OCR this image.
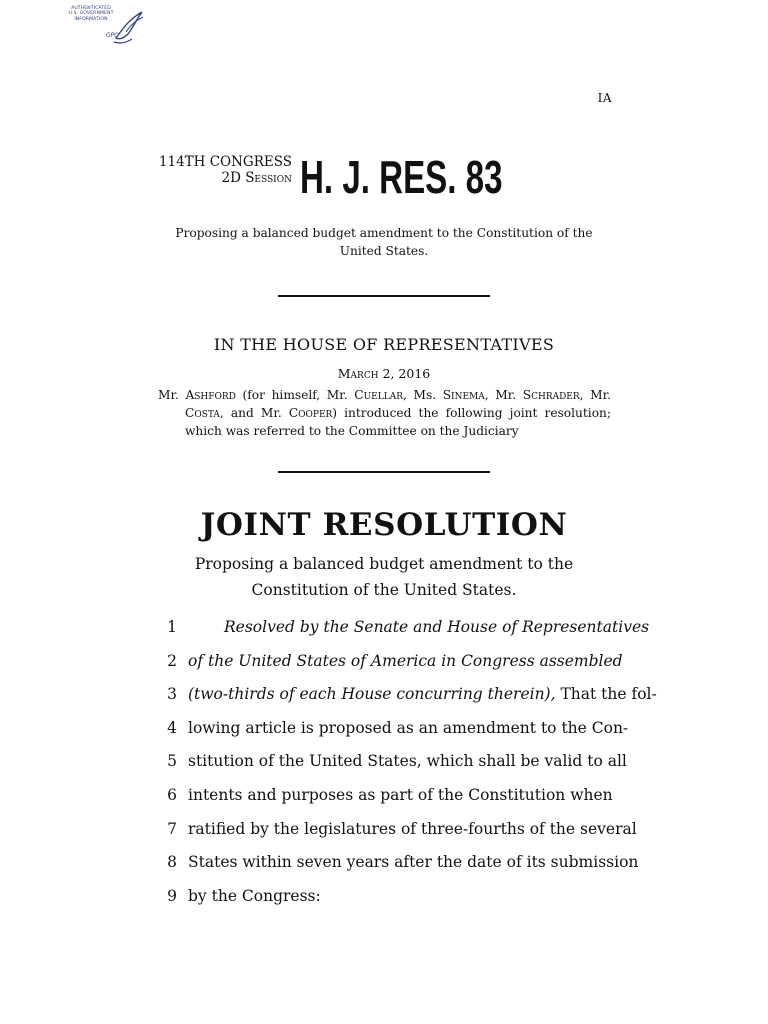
AUTHENTICATED
U.S. GOVERNMENT
INFORMATION
GPO
IA
114TH CONGRESS
2D Session H. J. RES. 83
Proposing a balanced budget amendment to the Constitution of the United States.
IN THE HOUSE OF REPRESENTATIVES
March 2, 2016
Mr. Ashford (for himself, Mr. Cuellar, Ms. Sinema, Mr. Schrader, Mr. Costa, and Mr. Cooper) introduced the following joint resolution; which was referred to the Committee on the Judiciary
JOINT RESOLUTION
Proposing a balanced budget amendment to the Constitution of the United States.
1	Resolved by the Senate and House of Representatives
2 of the United States of America in Congress assembled
3 (two-thirds of each House concurring therein), That the fol-
4 lowing article is proposed as an amendment to the Con-
5 stitution of the United States, which shall be valid to all
6 intents and purposes as part of the Constitution when
7 ratified by the legislatures of three-fourths of the several
8 States within seven years after the date of its submission
9 by the Congress:
